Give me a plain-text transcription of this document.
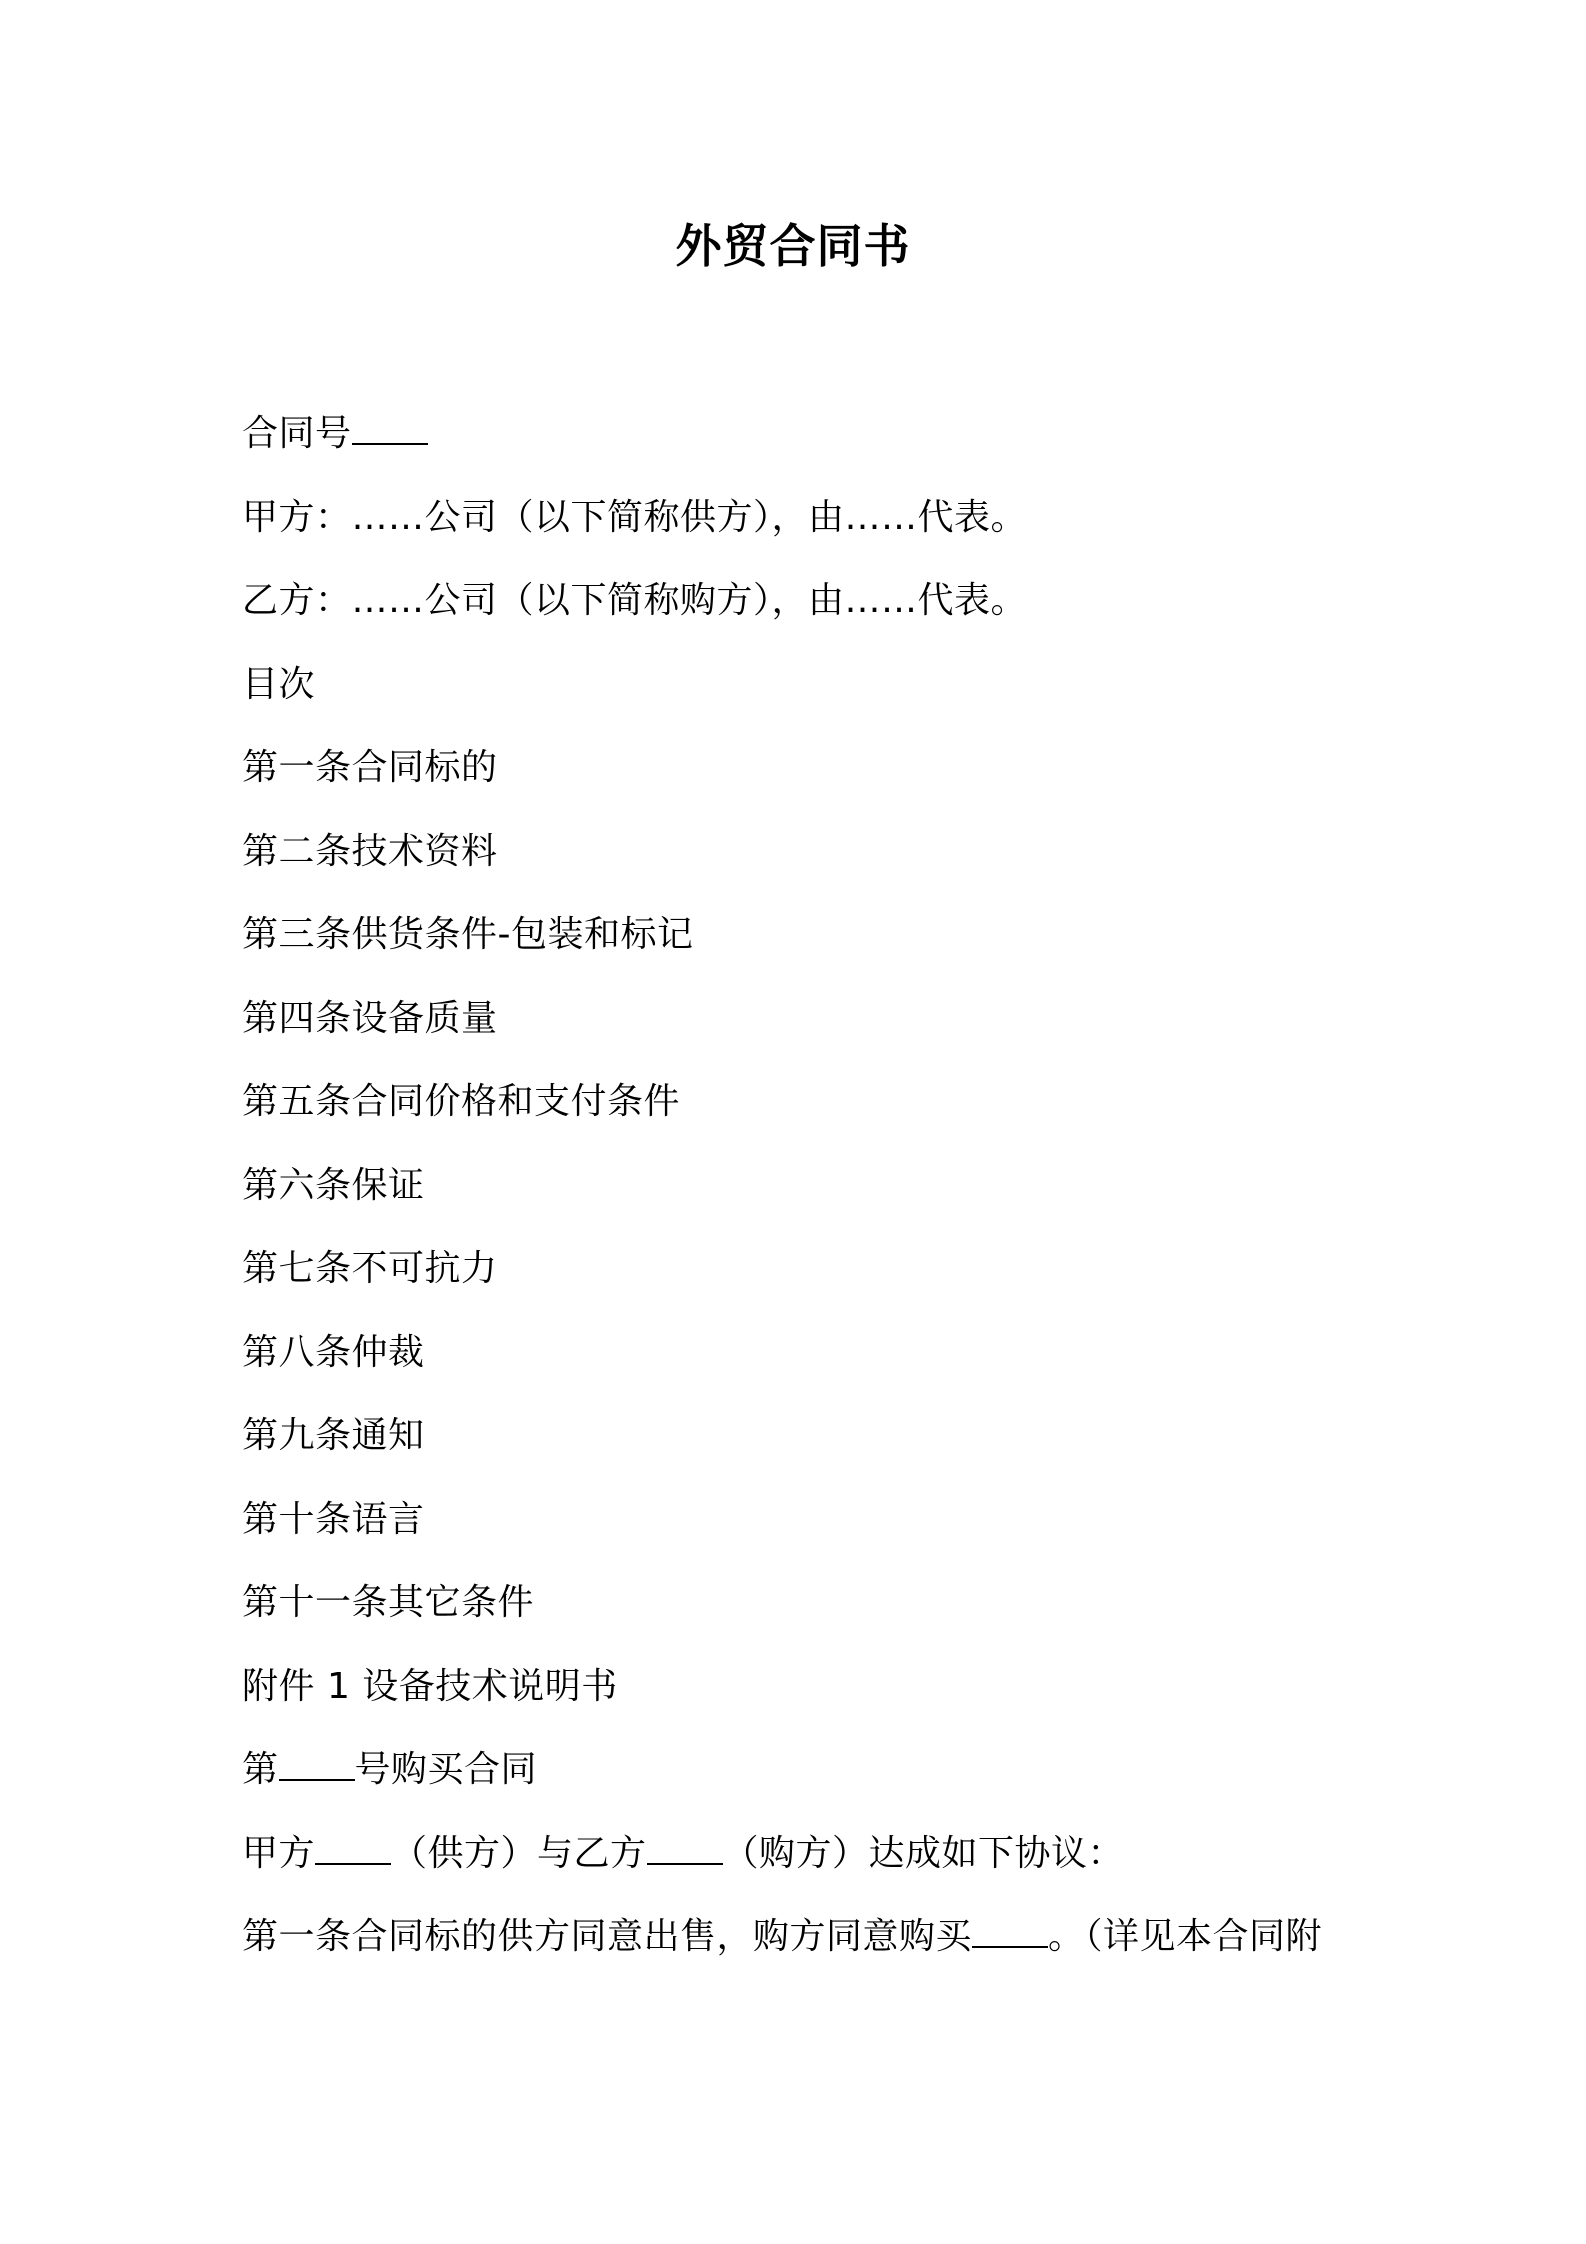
外贸合同书
合同号
甲方：……公司（以下简称供方），由……代表。
乙方：……公司（以下简称购方），由……代表。
目次
第一条合同标的
第二条技术资料
第三条供货条件-包装和标记
第四条设备质量
第五条合同价格和支付条件
第六条保证
第七条不可抗力
第八条仲裁
第九条通知
第十条语言
第十一条其它条件
附件 1 设备技术说明书
第 号购买合同
甲方 （供方）与乙方 （购方）达成如下协议：
第一条合同标的供方同意出售，购方同意购买 。（详见本合同附
